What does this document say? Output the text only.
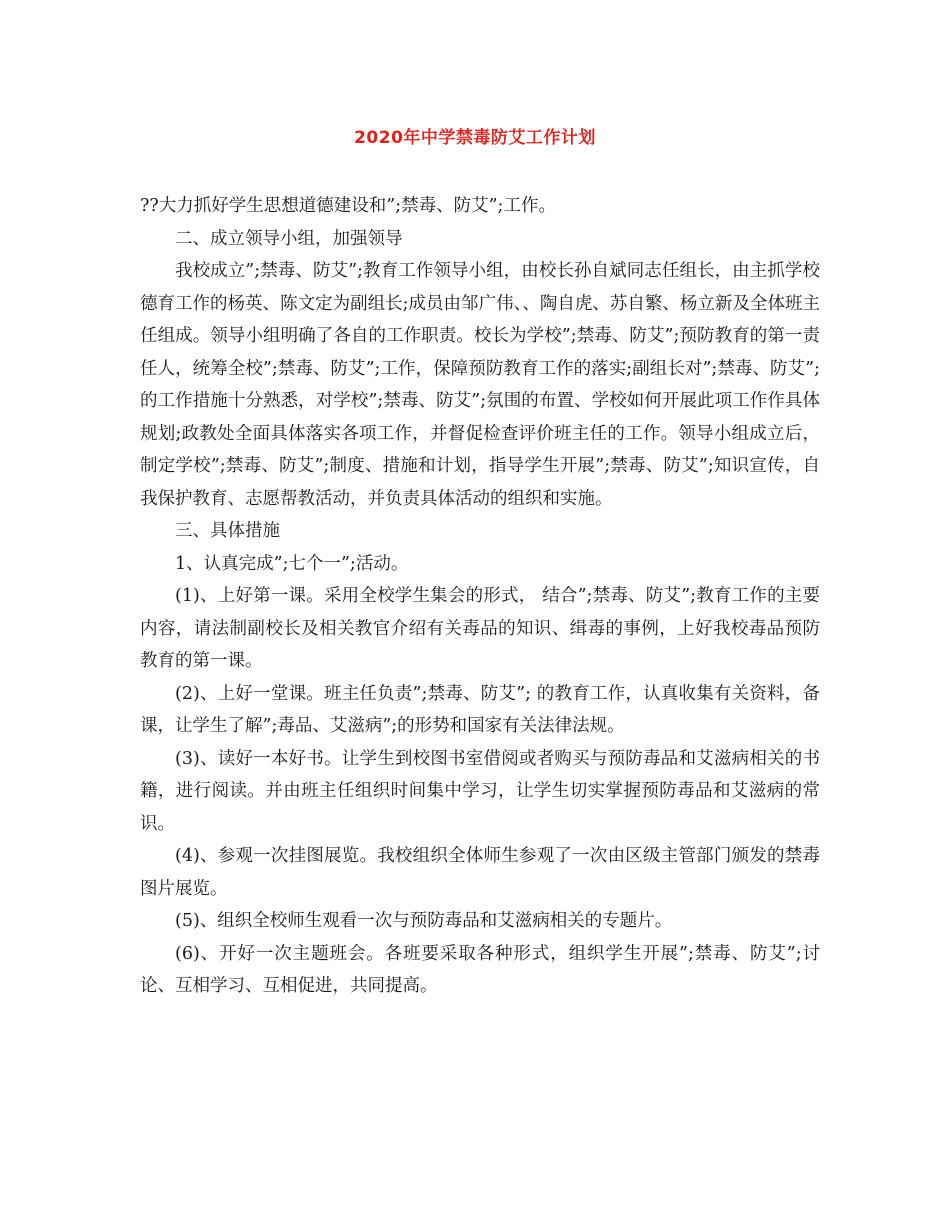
2020年中学禁毒防艾工作计划

??大力抓好学生思想道德建设和”;禁毒、防艾”;工作。

二、成立领导小组，加强领导

我校成立”;禁毒、防艾”;教育工作领导小组，由校长孙自斌同志任组长，由主抓学校德育工作的杨英、陈文定为副组长;成员由邹广伟、、陶自虎、苏自繁、杨立新及全体班主任组成。领导小组明确了各自的工作职责。校长为学校”;禁毒、防艾”;预防教育的第一责任人，统筹全校”;禁毒、防艾”;工作，保障预防教育工作的落实;副组长对”;禁毒、防艾”; 的工作措施十分熟悉，对学校”;禁毒、防艾”;氛围的布置、学校如何开展此项工作作具体规划;政教处全面具体落实各项工作，并督促检查评价班主任的工作。领导小组成立后，制定学校”;禁毒、防艾”;制度、措施和计划，指导学生开展”;禁毒、防艾”;知识宣传，自我保护教育、志愿帮教活动，并负责具体活动的组织和实施。

三、具体措施

1、认真完成”;七个一”;活动。

(1)、上好第一课。采用全校学生集会的形式， 结合”;禁毒、防艾”;教育工作的主要内容，请法制副校长及相关教官介绍有关毒品的知识、缉毒的事例，上好我校毒品预防教育的第一课。

(2)、上好一堂课。班主任负责”;禁毒、防艾”; 的教育工作，认真收集有关资料，备课，让学生了解”;毒品、艾滋病”;的形势和国家有关法律法规。

(3)、读好一本好书。让学生到校图书室借阅或者购买与预防毒品和艾滋病相关的书籍，进行阅读。并由班主任组织时间集中学习，让学生切实掌握预防毒品和艾滋病的常识。

(4)、参观一次挂图展览。我校组织全体师生参观了一次由区级主管部门颁发的禁毒图片展览。

(5)、组织全校师生观看一次与预防毒品和艾滋病相关的专题片。

(6)、开好一次主题班会。各班要采取各种形式，组织学生开展”;禁毒、防艾”;讨论、互相学习、互相促进，共同提高。
